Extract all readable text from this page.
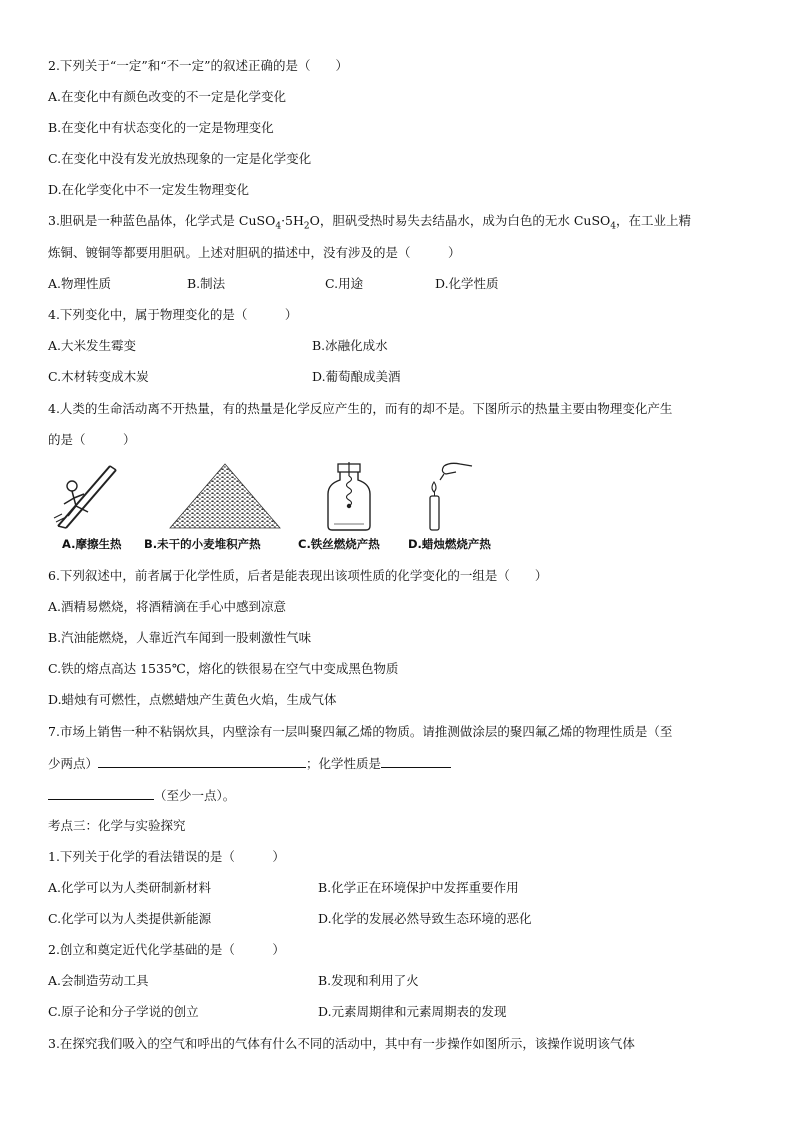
2.下列关于“一定”和“不一定”的叙述正确的是（　　）
A.在变化中有颜色改变的不一定是化学变化
B.在变化中有状态变化的一定是物理变化
C.在变化中没有发光放热现象的一定是化学变化
D.在化学变化中不一定发生物理变化
3.胆矾是一种蓝色晶体，化学式是 $CuSO_4\cdot 5H_2O$，胆矾受热时易失去结晶水，成为白色的无水 CuSO$_4$，在工业上精
炼铜、镀铜等都要用胆矾。上述对胆矾的描述中，没有涉及的是（　　　）
A.物理性质	B.制法	C.用途	D.化学性质
4.下列变化中，属于物理变化的是（　　　）
A.大米发生霉变	B.冰融化成水
C.木材转变成木炭	D.葡萄酿成美酒
4.人类的生命活动离不开热量，有的热量是化学反应产生的，而有的却不是。下图所示的热量主要由物理变化产生
的是（　　　）
A.摩擦生热 B.未干的小麦堆积产热	C.铁丝燃烧产热 D.蜡烛燃烧产热
6.下列叙述中，前者属于化学性质，后者是能表现出该项性质的化学变化的一组是（　　）
A.酒精易燃烧，将酒精滴在手心中感到凉意
B.汽油能燃烧，人靠近汽车闻到一股刺激性气味
C.铁的熔点高达 1535℃，熔化的铁很易在空气中变成黑色物质
D.蜡烛有可燃性，点燃蜡烛产生黄色火焰，生成气体
7.市场上销售一种不粘锅炊具，内壁涂有一层叫聚四氟乙烯的物质。请推测做涂层的聚四氟乙烯的物理性质是（至
少两点）	；化学性质是
（至少一点）。
考点三：化学与实验探究
1.下列关于化学的看法错误的是（　　　）
A.化学可以为人类研制新材料	B.化学正在环境保护中发挥重要作用
C.化学可以为人类提供新能源	D.化学的发展必然导致生态环境的恶化
2.创立和奠定近代化学基础的是（　　　）
A.会制造劳动工具	B.发现和利用了火
C.原子论和分子学说的创立	D.元素周期律和元素周期表的发现
3.在探究我们吸入的空气和呼出的气体有什么不同的活动中，其中有一步操作如图所示，该操作说明该气体
